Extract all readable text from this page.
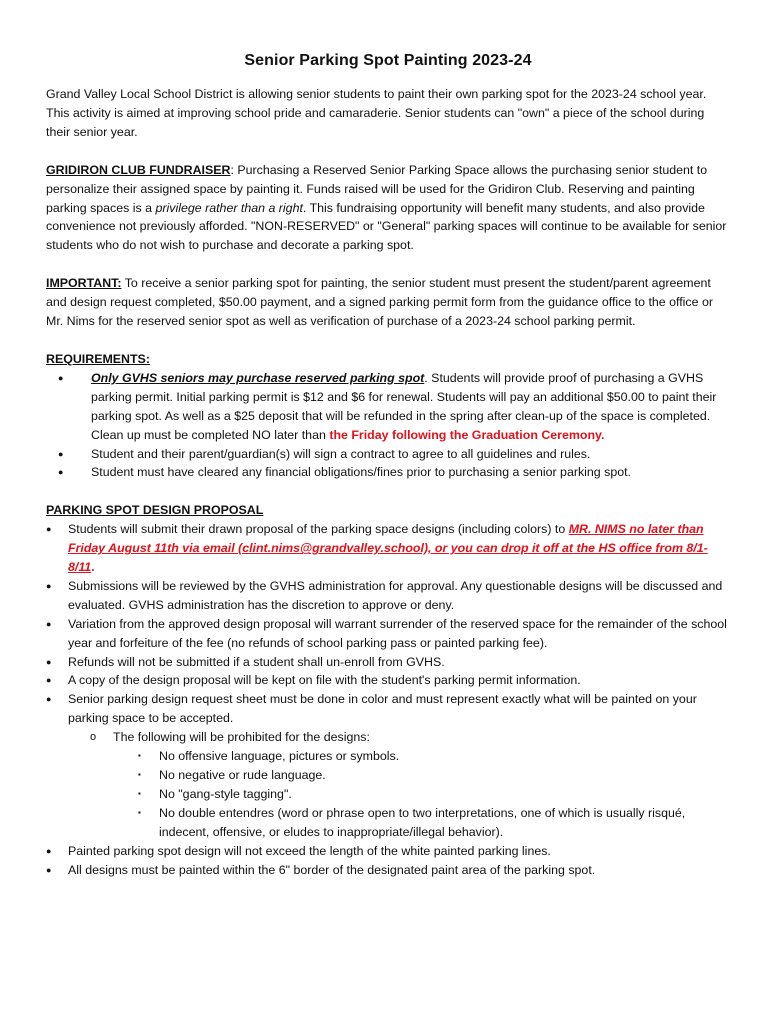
Senior Parking Spot Painting 2023-24

Grand Valley Local School District is allowing senior students to paint their own parking spot for the 2023-24 school year. This activity is aimed at improving school pride and camaraderie. Senior students can "own" a piece of the school during their senior year.

GRIDIRON CLUB FUNDRAISER: Purchasing a Reserved Senior Parking Space allows the purchasing senior student to personalize their assigned space by painting it. Funds raised will be used for the Gridiron Club. Reserving and painting parking spaces is a privilege rather than a right. This fundraising opportunity will benefit many students, and also provide convenience not previously afforded. "NON-RESERVED" or "General" parking spaces will continue to be available for senior students who do not wish to purchase and decorate a parking spot.

IMPORTANT: To receive a senior parking spot for painting, the senior student must present the student/parent agreement and design request completed, $50.00 payment, and a signed parking permit form from the guidance office to the office or Mr. Nims for the reserved senior spot as well as verification of purchase of a 2023-24 school parking permit.

REQUIREMENTS:
● Only GVHS seniors may purchase reserved parking spot. Students will provide proof of purchasing a GVHS parking permit. Initial parking permit is $12 and $6 for renewal. Students will pay an additional $50.00 to paint their parking spot. As well as a $25 deposit that will be refunded in the spring after clean-up of the space is completed. Clean up must be completed NO later than the Friday following the Graduation Ceremony.
● Student and their parent/guardian(s) will sign a contract to agree to all guidelines and rules.
● Student must have cleared any financial obligations/fines prior to purchasing a senior parking spot.
PARKING SPOT DESIGN PROPOSAL
● Students will submit their drawn proposal of the parking space designs (including colors) to MR. NIMS no later than Friday August 11th via email (clint.nims@grandvalley.school), or you can drop it off at the HS office from 8/1-8/11.
● Submissions will be reviewed by the GVHS administration for approval. Any questionable designs will be discussed and evaluated. GVHS administration has the discretion to approve or deny.
● Variation from the approved design proposal will warrant surrender of the reserved space for the remainder of the school year and forfeiture of the fee (no refunds of school parking pass or painted parking fee).
● Refunds will not be submitted if a student shall un-enroll from GVHS.
● A copy of the design proposal will be kept on file with the student's parking permit information.
● Senior parking design request sheet must be done in color and must represent exactly what will be painted on your parking space to be accepted.
o The following will be prohibited for the designs:
▪ No offensive language, pictures or symbols.
▪ No negative or rude language.
▪ No "gang-style tagging".
▪ No double entendres (word or phrase open to two interpretations, one of which is usually risqué, indecent, offensive, or eludes to inappropriate/illegal behavior).
● Painted parking spot design will not exceed the length of the white painted parking lines.
● All designs must be painted within the 6" border of the designated paint area of the parking spot.
